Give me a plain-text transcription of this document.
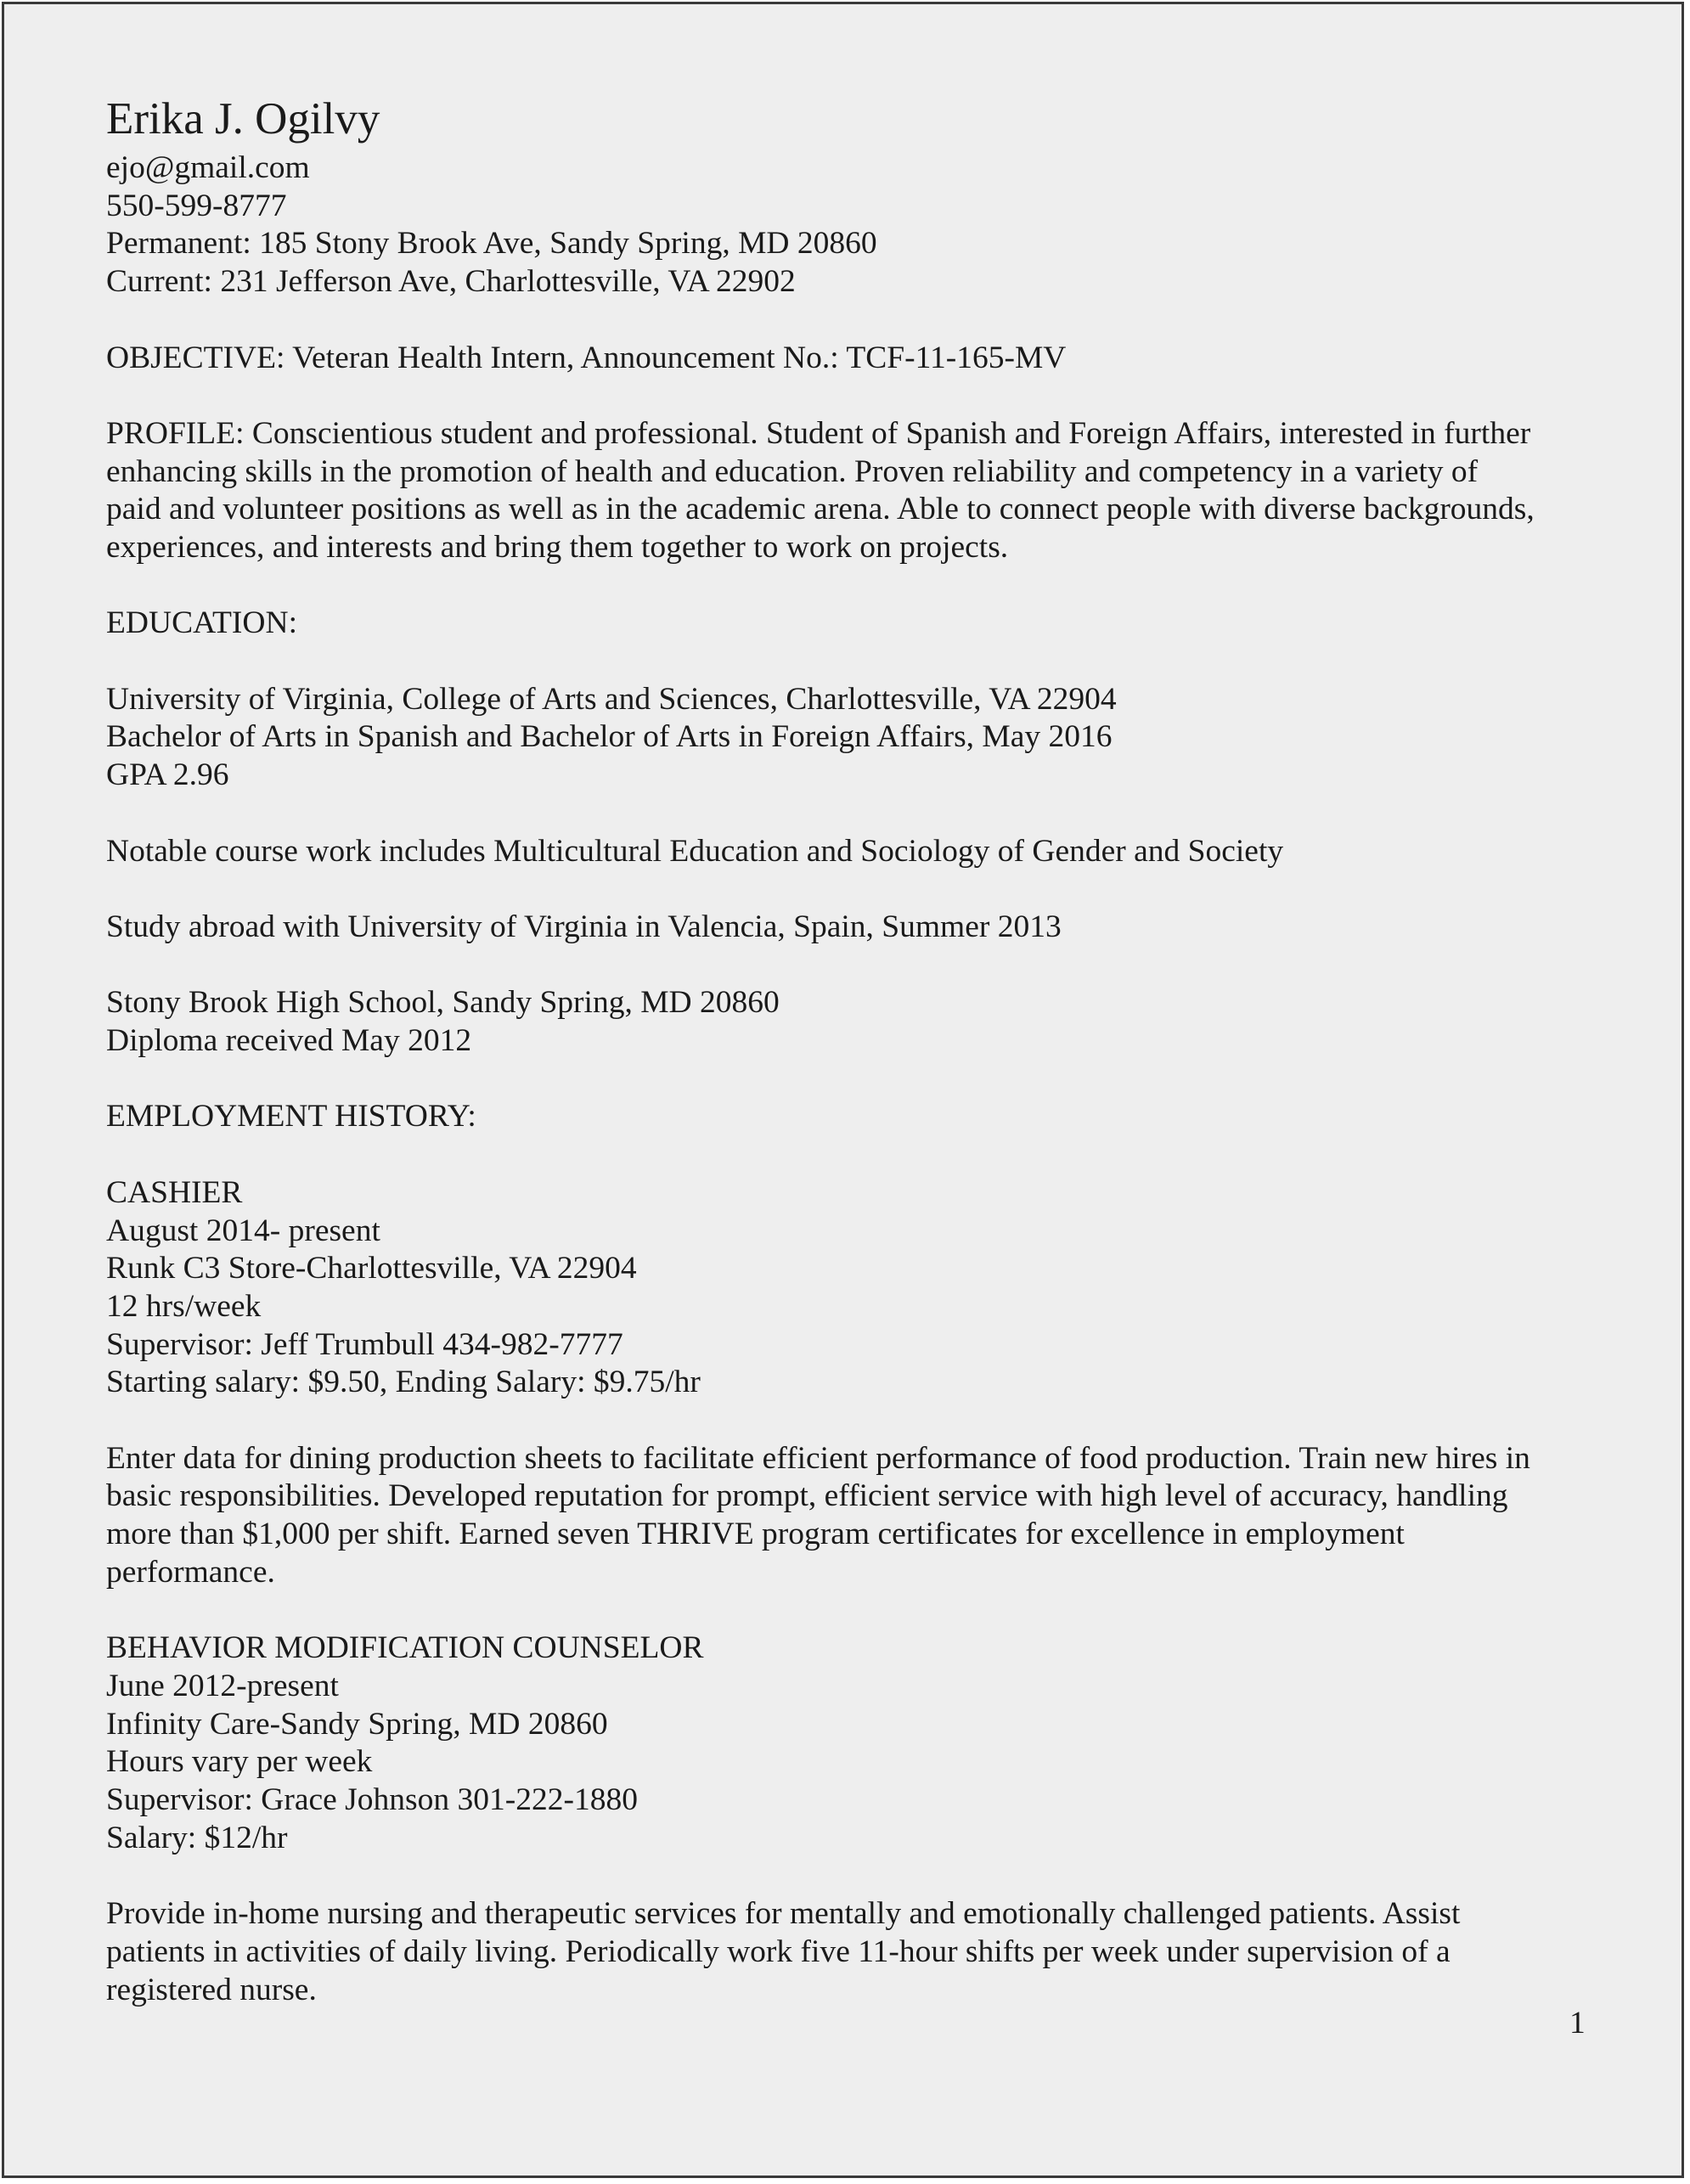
Erika J. Ogilvy
ejo@gmail.com
550-599-8777
Permanent: 185 Stony Brook Ave, Sandy Spring, MD 20860
Current: 231 Jefferson Ave, Charlottesville, VA 22902
OBJECTIVE: Veteran Health Intern, Announcement No.: TCF-11-165-MV
PROFILE: Conscientious student and professional. Student of Spanish and Foreign Affairs, interested in further
enhancing skills in the promotion of health and education. Proven reliability and competency in a variety of
paid and volunteer positions as well as in the academic arena. Able to connect people with diverse backgrounds,
experiences, and interests and bring them together to work on projects.
EDUCATION:
University of Virginia, College of Arts and Sciences, Charlottesville, VA 22904
Bachelor of Arts in Spanish and Bachelor of Arts in Foreign Affairs, May 2016
GPA 2.96
Notable course work includes Multicultural Education and Sociology of Gender and Society
Study abroad with University of Virginia in Valencia, Spain, Summer 2013
Stony Brook High School, Sandy Spring, MD 20860
Diploma received May 2012
EMPLOYMENT HISTORY:
CASHIER
August 2014- present
Runk C3 Store-Charlottesville, VA 22904
12 hrs/week
Supervisor: Jeff Trumbull 434-982-7777
Starting salary: $9.50, Ending Salary: $9.75/hr
Enter data for dining production sheets to facilitate efficient performance of food production. Train new hires in
basic responsibilities. Developed reputation for prompt, efficient service with high level of accuracy, handling
more than $1,000 per shift. Earned seven THRIVE program certificates for excellence in employment
performance.
BEHAVIOR MODIFICATION COUNSELOR
June 2012-present
Infinity Care-Sandy Spring, MD 20860
Hours vary per week
Supervisor: Grace Johnson 301-222-1880
Salary: $12/hr
Provide in-home nursing and therapeutic services for mentally and emotionally challenged patients. Assist
patients in activities of daily living. Periodically work five 11-hour shifts per week under supervision of a
registered nurse.
1
